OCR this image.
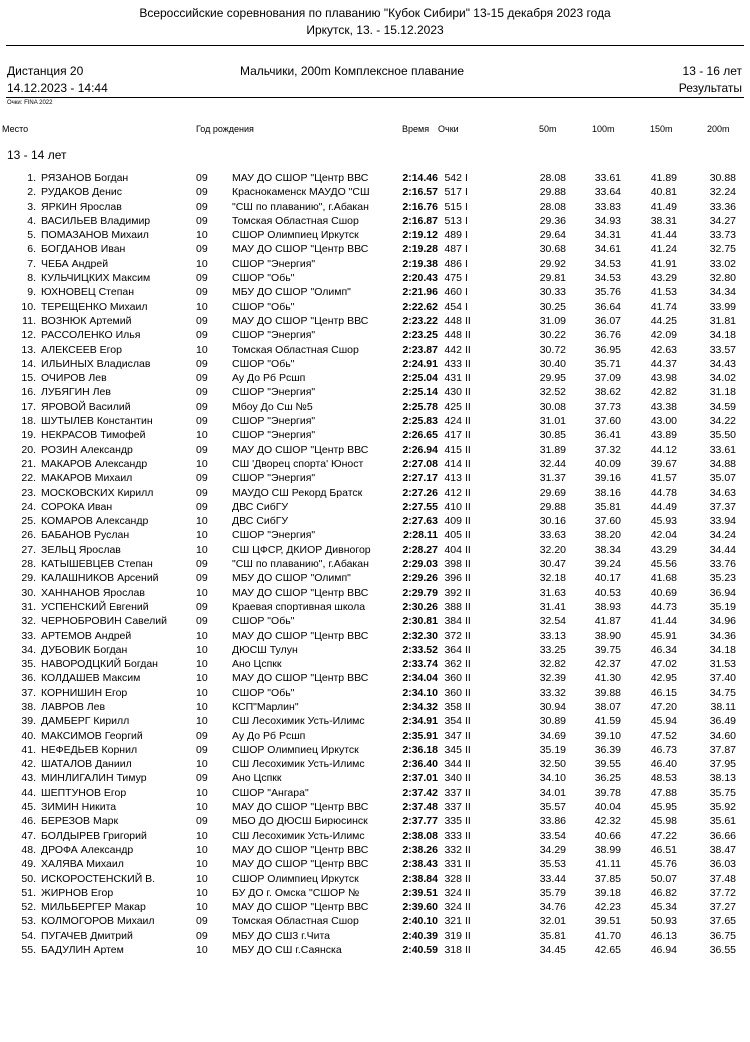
Всероссийские соревнования по плаванию "Кубок Сибири" 13-15 декабря 2023 года
Иркутск, 13. - 15.12.2023
Дистанция 20	Мальчики, 200m Комплексное плавание	13 - 16 лет
14.12.2023 - 14:44	Результаты
Очки: FINA 2022
Место	Год рождения	Время Очки	50m	100m	150m	200m
13 - 14 лет
1. РЯЗАНОВ Богдан	09	МАУ ДО СШОР "Центр ВВС	2:14.46 542 I	28.08	33.61	41.89	30.88
2. РУДАКОВ Денис	09	Краснокаменск МАУДО "СШ	2:16.57 517 I	29.88	33.64	40.81	32.24
3. ЯРКИН Ярослав	09	"СШ по плаванию", г.Абакан	2:16.76 515 I	28.08	33.83	41.49	33.36
4. ВАСИЛЬЕВ Владимир	09	Томская Областная Сшор	2:16.87 513 I	29.36	34.93	38.31	34.27
5. ПОМАЗАНОВ Михаил	10	СШОР Олимпиец Иркутск	2:19.12 489 I	29.64	34.31	41.44	33.73
6. БОГДАНОВ Иван	09	МАУ ДО СШОР "Центр ВВС	2:19.28 487 I	30.68	34.61	41.24	32.75
7. ЧЕБА Андрей	10	СШОР "Энергия"	2:19.38 486 I	29.92	34.53	41.91	33.02
8. КУЛЬЧИЦКИХ Максим	09	СШОР "Обь"	2:20.43 475 I	29.81	34.53	43.29	32.80
9. ЮХНОВЕЦ Степан	09	МБУ ДО СШОР "Олимп"	2:21.96 460 I	30.33	35.76	41.53	34.34
10. ТЕРЕЩЕНКО Михаил	10	СШОР "Обь"	2:22.62 454 I	30.25	36.64	41.74	33.99
11. ВОЗНЮК Артемий	09	МАУ ДО СШОР "Центр ВВС	2:23.22 448 II	31.09	36.07	44.25	31.81
12. РАССОЛЕНКО Илья	09	СШОР "Энергия"	2:23.25 448 II	30.22	36.76	42.09	34.18
13. АЛЕКСЕЕВ Егор	10	Томская Областная Сшор	2:23.87 442 II	30.72	36.95	42.63	33.57
14. ИЛЬИНЫХ Владислав	09	СШОР "Обь"	2:24.91 433 II	30.40	35.71	44.37	34.43
15. ОЧИРОВ Лев	09	Ау До Рб Рсшп	2:25.04 431 II	29.95	37.09	43.98	34.02
16. ЛУБЯГИН Лев	09	СШОР "Энергия"	2:25.14 430 II	32.52	38.62	42.82	31.18
17. ЯРОВОЙ Василий	09	Мбоу До Сш №5	2:25.78 425 II	30.08	37.73	43.38	34.59
18. ШУТЫЛЕВ Константин	09	СШОР "Энергия"	2:25.83 424 II	31.01	37.60	43.00	34.22
19. НЕКРАСОВ Тимофей	10	СШОР "Энергия"	2:26.65 417 II	30.85	36.41	43.89	35.50
20. РОЗИН Александр	09	МАУ ДО СШОР "Центр ВВС	2:26.94 415 II	31.89	37.32	44.12	33.61
21. МАКАРОВ Александр	10	СШ 'Дворец спорта' Юност	2:27.08 414 II	32.44	40.09	39.67	34.88
22. МАКАРОВ Михаил	09	СШОР "Энергия"	2:27.17 413 II	31.37	39.16	41.57	35.07
23. МОСКОВСКИХ Кирилл	09	МАУДО СШ Рекорд Братск	2:27.26 412 II	29.69	38.16	44.78	34.63
24. СОРОКА Иван	09	ДВС СибГУ	2:27.55 410 II	29.88	35.81	44.49	37.37
25. КОМАРОВ Александр	10	ДВС СибГУ	2:27.63 409 II	30.16	37.60	45.93	33.94
26. БАБАНОВ Руслан	10	СШОР "Энергия"	2:28.11 405 II	33.63	38.20	42.04	34.24
27. ЗЕЛЬЦ Ярослав	10	СШ ЦФСР, ДКИОР Дивногор	2:28.27 404 II	32.20	38.34	43.29	34.44
28. КАТЫШЕВЦЕВ Степан	09	"СШ по плаванию", г.Абакан	2:29.03 398 II	30.47	39.24	45.56	33.76
29. КАЛАШНИКОВ Арсений	09	МБУ ДО СШОР "Олимп"	2:29.26 396 II	32.18	40.17	41.68	35.23
30. ХАННАНОВ Ярослав	10	МАУ ДО СШОР "Центр ВВС	2:29.79 392 II	31.63	40.53	40.69	36.94
31. УСПЕНСКИЙ Евгений	09	Краевая спортивная школа	2:30.26 388 II	31.41	38.93	44.73	35.19
32. ЧЕРНОБРОВИН Савелий	09	СШОР "Обь"	2:30.81 384 II	32.54	41.87	41.44	34.96
33. АРТЕМОВ Андрей	10	МАУ ДО СШОР "Центр ВВС	2:32.30 372 II	33.13	38.90	45.91	34.36
34. ДУБОВИК Богдан	10	ДЮСШ Тулун	2:33.52 364 II	33.25	39.75	46.34	34.18
35. НАВОРОДЦКИЙ Богдан	10	Ано Цспкк	2:33.74 362 II	32.82	42.37	47.02	31.53
36. КОЛДАШЕВ Максим	10	МАУ ДО СШОР "Центр ВВС	2:34.04 360 II	32.39	41.30	42.95	37.40
37. КОРНИШИН Егор	10	СШОР "Обь"	2:34.10 360 II	33.32	39.88	46.15	34.75
38. ЛАВРОВ Лев	10	КСП"Марлин"	2:34.32 358 II	30.94	38.07	47.20	38.11
39. ДАМБЕРГ Кирилл	10	СШ Лесохимик Усть-Илимс	2:34.91 354 II	30.89	41.59	45.94	36.49
40. МАКСИМОВ Георгий	09	Ау До Рб Рсшп	2:35.91 347 II	34.69	39.10	47.52	34.60
41. НЕФЕДЬЕВ Корнил	09	СШОР Олимпиец Иркутск	2:36.18 345 II	35.19	36.39	46.73	37.87
42. ШАТАЛОВ Даниил	10	СШ Лесохимик Усть-Илимс	2:36.40 344 II	32.50	39.55	46.40	37.95
43. МИНЛИГАЛИН Тимур	09	Ано Цспкк	2:37.01 340 II	34.10	36.25	48.53	38.13
44. ШЕПТУНОВ Егор	10	СШОР "Ангара"	2:37.42 337 II	34.01	39.78	47.88	35.75
45. ЗИМИН Никита	10	МАУ ДО СШОР "Центр ВВС	2:37.48 337 II	35.57	40.04	45.95	35.92
46. БЕРЕЗОВ Марк	09	МБО ДО ДЮСШ Бирюсинск	2:37.77 335 II	33.86	42.32	45.98	35.61
47. БОЛДЫРЕВ Григорий	10	СШ Лесохимик Усть-Илимс	2:38.08 333 II	33.54	40.66	47.22	36.66
48. ДРОФА Александр	10	МАУ ДО СШОР "Центр ВВС	2:38.26 332 II	34.29	38.99	46.51	38.47
49. ХАЛЯВА Михаил	10	МАУ ДО СШОР "Центр ВВС	2:38.43 331 II	35.53	41.11	45.76	36.03
50. ИСКОРОСТЕНСКИЙ В.	10	СШОР Олимпиец Иркутск	2:38.84 328 II	33.44	37.85	50.07	37.48
51. ЖИРНОВ Егор	10	БУ ДО г. Омска "СШОР №	2:39.51 324 II	35.79	39.18	46.82	37.72
52. МИЛЬБЕРГЕР Макар	10	МАУ ДО СШОР "Центр ВВС	2:39.60 324 II	34.76	42.23	45.34	37.27
53. КОЛМОГОРОВ Михаил	09	Томская Областная Сшор	2:40.10 321 II	32.01	39.51	50.93	37.65
54. ПУГАЧЕВ Дмитрий	09	МБУ ДО СШ3 г.Чита	2:40.39 319 II	35.81	41.70	46.13	36.75
55. БАДУЛИН Артем	10	МБУ ДО СШ г.Саянска	2:40.59 318 II	34.45	42.65	46.94	36.55
